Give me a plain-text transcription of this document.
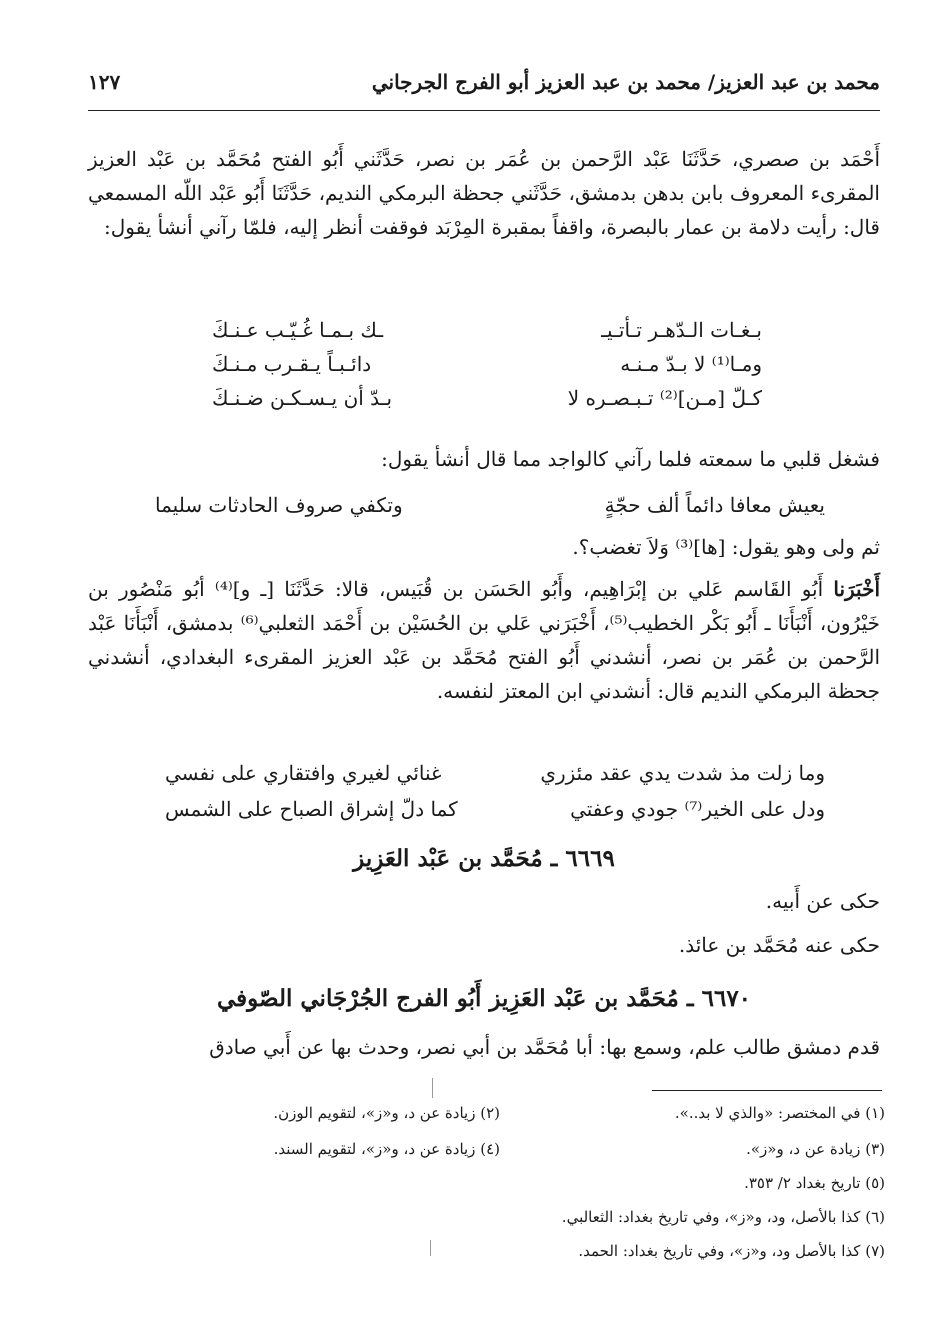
محمد بن عبد العزيز/ محمد بن عبد العزيز أبو الفرج الجرجاني
١٢٧
أَحْمَد بن صصري، حَدَّثَنَا عَبْد الرَّحمن بن عُمَر بن نصر، حَدَّثَني أَبُو الفتح مُحَمَّد بن عَبْد العزيز المقرىء المعروف بابن بدهن بدمشق، حَدَّثَني جحظة البرمكي النديم، حَدَّثَنَا أَبُو عَبْد اللّه المسمعي قال: رأيت دلامة بن عمار بالبصرة، واقفاً بمقبرة المِرْبَد فوقفت أنظر إليه، فلمّا رآني أنشأ يقول:
بـغـات الـدّهـر تـأتـيـ
ـك بـمـا غُـيّـب عـنـكَ
ومـا⁽¹⁾ لا بـدّ مـنـه
دائـبـاً يـقـرب مـنـكَ
كـلّ [مـن]⁽²⁾ تـبـصـره لا
بـدّ أن يـسـكـن ضـنـكَ
فشغل قلبي ما سمعته فلما رآني كالواجد مما قال أنشأ يقول:
يعيش معافا دائماً ألف حجّةٍ
وتكفي صروف الحادثات سليما
ثم ولى وهو يقول: [ها]⁽³⁾ وَلاَ تغضب؟.
أَخْبَرَنا أَبُو القَاسم عَلي بن إبْرَاهِيم، وأَبُو الحَسَن بن قُبَيس، قالا: حَدَّثَنَا [ـ و]⁽⁴⁾ أبُو مَنْصُور بن خَيْرُون، أَنْبَأَنَا ـ أَبُو بَكْر الخطيب⁽⁵⁾، أَخْبَرَني عَلي بن الحُسَيْن بن أَحْمَد الثعلبي⁽⁶⁾ بدمشق، أَنْبَأَنَا عَبْد الرَّحمن بن عُمَر بن نصر، أنشدني أَبُو الفتح مُحَمَّد بن عَبْد العزيز المقرىء البغدادي، أنشدني جحظة البرمكي النديم قال: أنشدني ابن المعتز لنفسه.
وما زلت مذ شدت يدي عقد مئزري
غنائي لغيري وافتقاري على نفسي
ودل على الخير⁽⁷⁾ جودي وعفتي
كما دلّ إشراق الصباح على الشمس
٦٦٦٩ ـ مُحَمَّد بن عَبْد العَزِيز
حكى عن أَبيه.
حكى عنه مُحَمَّد بن عائذ.
٦٦٧٠ ـ مُحَمَّد بن عَبْد العَزِيز أَبُو الفرج الجُرْجَاني الصّوفي
قدم دمشق طالب علم، وسمع بها: أبا مُحَمَّد بن أبي نصر، وحدث بها عن أَبي صادق
(١) في المختصر: «والذي لا بد..».
(٢) زيادة عن د، و«ز»، لتقويم الوزن.
(٣) زيادة عن د، و«ز».
(٤) زيادة عن د، و«ز»، لتقويم السند.
(٥) تاريخ بغداد ٢/ ٣٥٣.
(٦) كذا بالأصل، ود، و«ز»، وفي تاريخ بغداد: الثعالبي.
(٧) كذا بالأصل ود، و«ز»، وفي تاريخ بغداد: الحمد.
